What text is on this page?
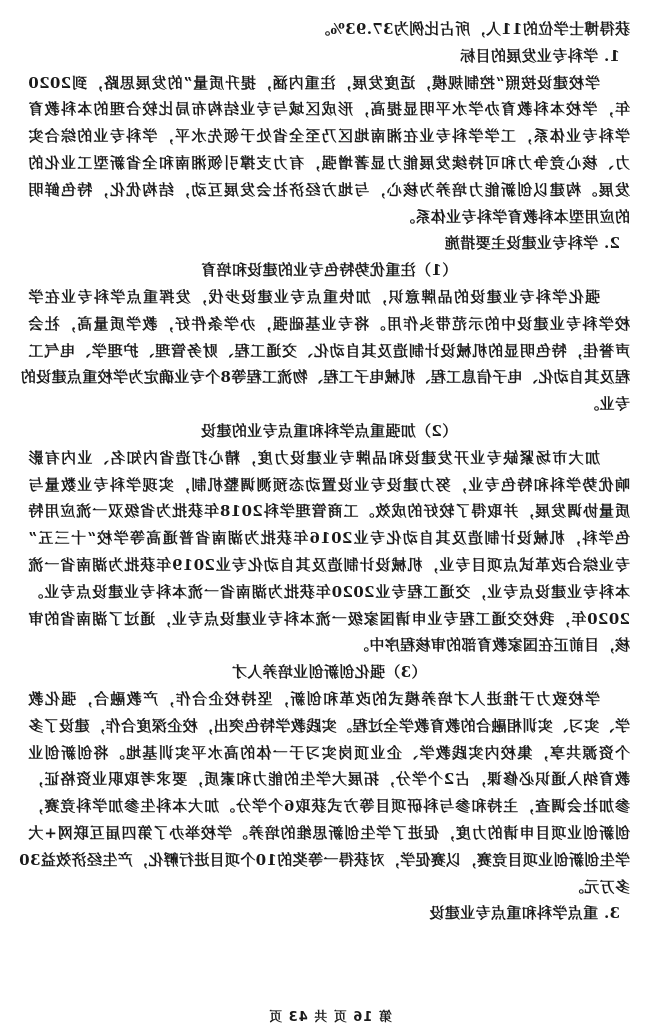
获得博士学位的11人，所占比例为37.93%。
1. 学科专业发展的目标
学校建设按照“控制规模，适度发展，注重内涵，提升质量”的发展思路，到2020
年，学校本科教育办学水平明显提高，形成区域与专业结构布局比较合理的本科教育
学科专业体系，工学学科专业在湘南地区乃至全省处于领先水平，学科专业的综合实
力、核心竞争力和可持续发展能力显著增强，有力支撑引领湘南和全省新型工业化的
发展。构建以创新能力培养为核心，与地方经济社会发展互动，结构优化，特色鲜明
的应用型本科教育学科专业体系。
2. 学科专业建设主要措施
（1）注重优势特色专业的建设和培育
强化学科专业建设的品牌意识，加快重点专业建设步伐，发挥重点学科专业在学
校学科专业建设中的示范带头作用。将专业基础强，办学条件好，教学质量高，社会
声誉佳，特色明显的机械设计制造及其自动化、交通工程、财务管理、护理学、电气工
程及其自动化、电子信息工程、机械电子工程、物流工程等8个专业确定为学校重点建设的
专业。
（2）加强重点学科和重点专业的建设
加大市场紧缺专业开发建设和品牌专业建设力度，精心打造省内知名、业内有影
响优势学科和特色专业，努力建设专业设置动态预测调整机制，实现学科专业数量与
质量协调发展，并取得了较好的成效。工商管理学科2018年获批为省级双一流应用特
色学科，机械设计制造及其自动化专业2016年获批为湖南省普通高等学校“十三五”
专业综合改革试点项目专业，机械设计制造及其自动化专业2019年获批为湖南省一流
本科专业建设点专业，交通工程专业2020年获批为湖南省一流本科专业建设点专业。
2020年，我校交通工程专业申请国家级一流本科专业建设点专业，通过了湖南省的审
核，目前正在国家教育部的审核程序中。
（3）强化创新创业培养人才
学校致力于推进人才培养模式的改革和创新，坚持校企合作，产教融合，强化教
学、实习、实训相融合的教育教学全过程。实践教学特色突出，校企深度合作，建设了多
个资源共享，集校内实践教学、企业顶岗实习于一体的高水平实训基地。将创新创业
教育纳入通识必修课，占2个学分，拓展大学生的能力和素质，要求考取职业资格证，
参加社会调查，主持和参与科研项目等方式获取6个学分。加大本科生参加学科竞赛，
创新创业项目申请的力度，促进了学生创新思维的培养。学校举办了第四届互联网+大
学生创新创业项目竞赛，以赛促学，对获得一等奖的10个项目进行孵化，产生经济效益30
多万元。
3. 重点学科和重点专业建设
第 16 页 共 43 页
